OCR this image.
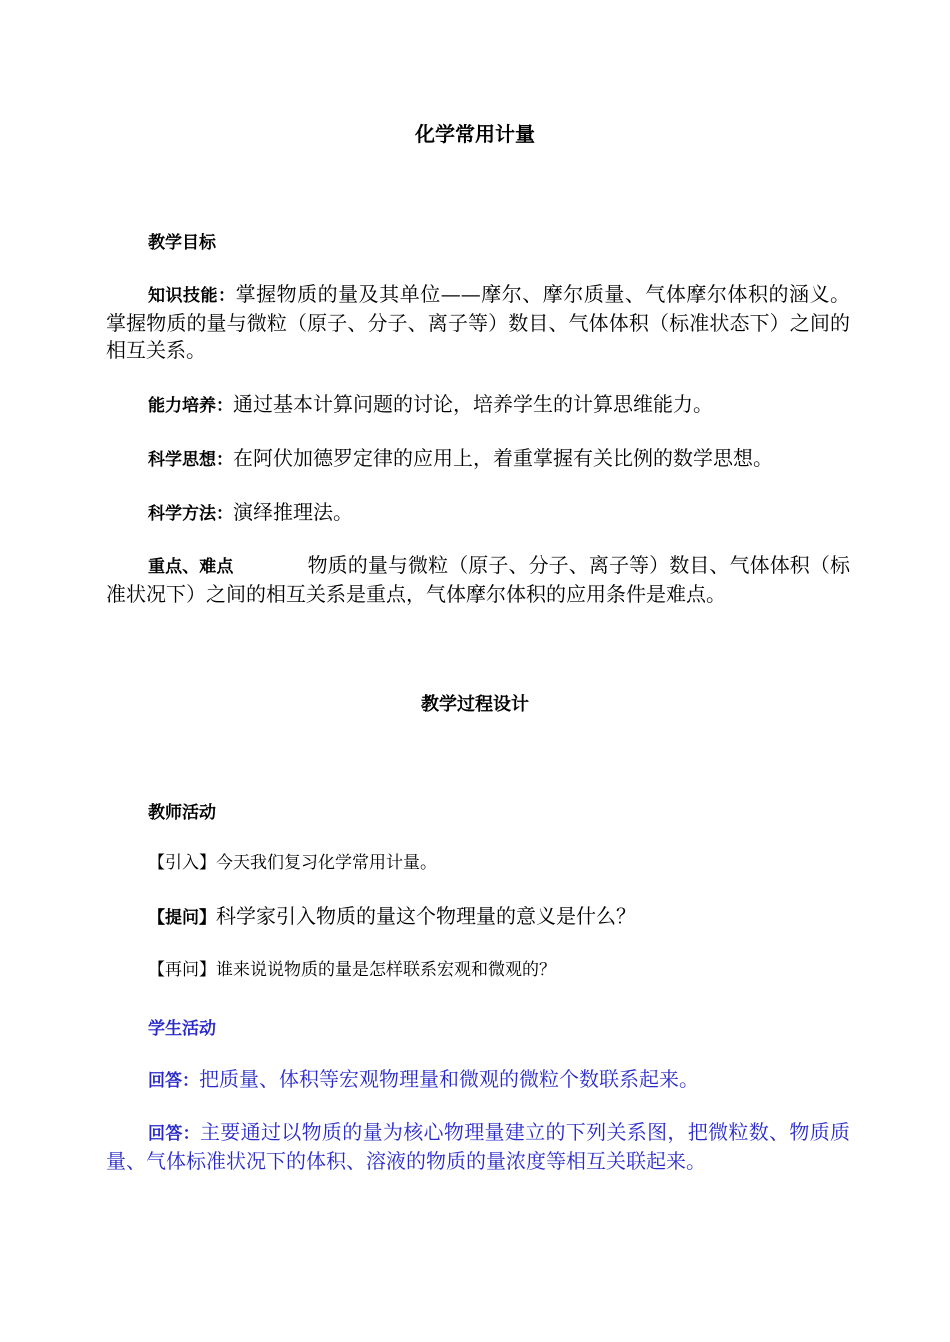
化学常用计量
教学目标
知识技能：掌握物质的量及其单位——摩尔、摩尔质量、气体摩尔体积的涵义。掌握物质的量与微粒（原子、分子、离子等）数目、气体体积（标准状态下）之间的相互关系。
能力培养：通过基本计算问题的讨论，培养学生的计算思维能力。
科学思想：在阿伏加德罗定律的应用上，着重掌握有关比例的数学思想。
科学方法：演绎推理法。
重点、难点	物质的量与微粒（原子、分子、离子等）数目、气体体积（标准状况下）之间的相互关系是重点，气体摩尔体积的应用条件是难点。
教学过程设计
教师活动
【引入】今天我们复习化学常用计量。
【提问】科学家引入物质的量这个物理量的意义是什么？
【再问】谁来说说物质的量是怎样联系宏观和微观的？
学生活动
回答：把质量、体积等宏观物理量和微观的微粒个数联系起来。
回答：主要通过以物质的量为核心物理量建立的下列关系图，把微粒数、物质质量、气体标准状况下的体积、溶液的物质的量浓度等相互关联起来。
